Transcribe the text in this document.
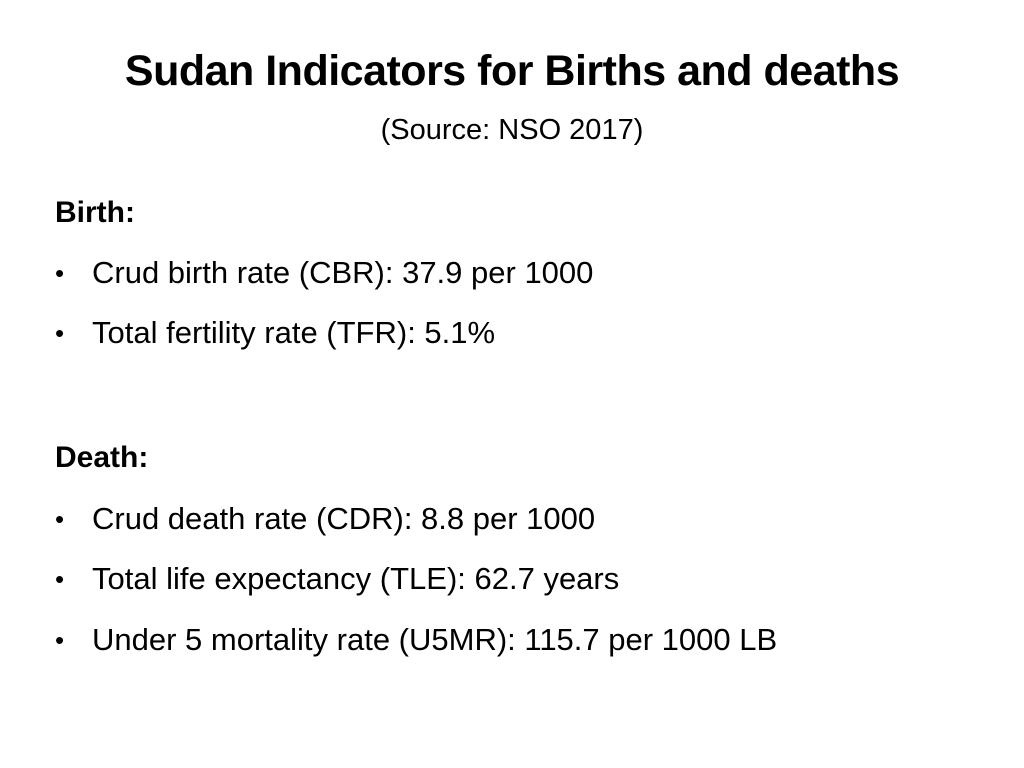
Sudan Indicators for Births and deaths
(Source: NSO 2017)
Birth:
• Crud birth rate (CBR): 37.9 per 1000
• Total fertility rate (TFR): 5.1%
Death:
• Crud death rate (CDR): 8.8 per 1000
• Total life expectancy (TLE): 62.7 years
• Under 5 mortality rate (U5MR): 115.7 per 1000 LB
